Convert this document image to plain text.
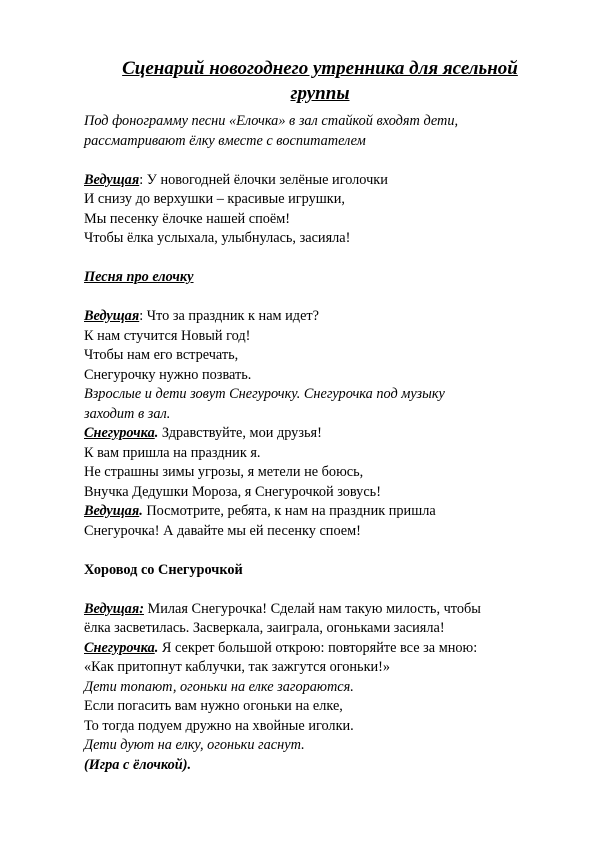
Сценарий новогоднего утренника для ясельной
группы
Под фонограмму песни «Елочка» в зал стайкой входят дети,
рассматривают ёлку вместе с воспитателем
Ведущая: У новогодней ёлочки зелёные иголочки
И снизу до верхушки – красивые игрушки,
Мы песенку ёлочке нашей споём!
Чтобы ёлка услыхала, улыбнулась, засияла!
Песня про елочку
Ведущая: Что за праздник к нам идет?
К нам стучится Новый год!
Чтобы нам его встречать,
Снегурочку нужно позвать.
Взрослые и дети зовут Снегурочку. Снегурочка под музыку
заходит в зал.
Снегурочка. Здравствуйте, мои друзья!
К вам пришла на праздник я.
Не страшны зимы угрозы, я метели не боюсь,
Внучка Дедушки Мороза, я Снегурочкой зовусь!
Ведущая. Посмотрите, ребята, к нам на праздник пришла
Снегурочка! А давайте мы ей песенку споем!
Хоровод со Снегурочкой
Ведущая: Милая Снегурочка! Сделай нам такую милость, чтобы
ёлка засветилась. Засверкала, заиграла, огоньками засияла!
Снегурочка. Я секрет большой открою: повторяйте все за мною:
«Как притопнут каблучки, так зажгутся огоньки!»
Дети топают, огоньки на елке загораются.
Если погасить вам нужно огоньки на елке,
То тогда подуем дружно на хвойные иголки.
Дети дуют на елку, огоньки гаснут.
(Игра с ёлочкой).
